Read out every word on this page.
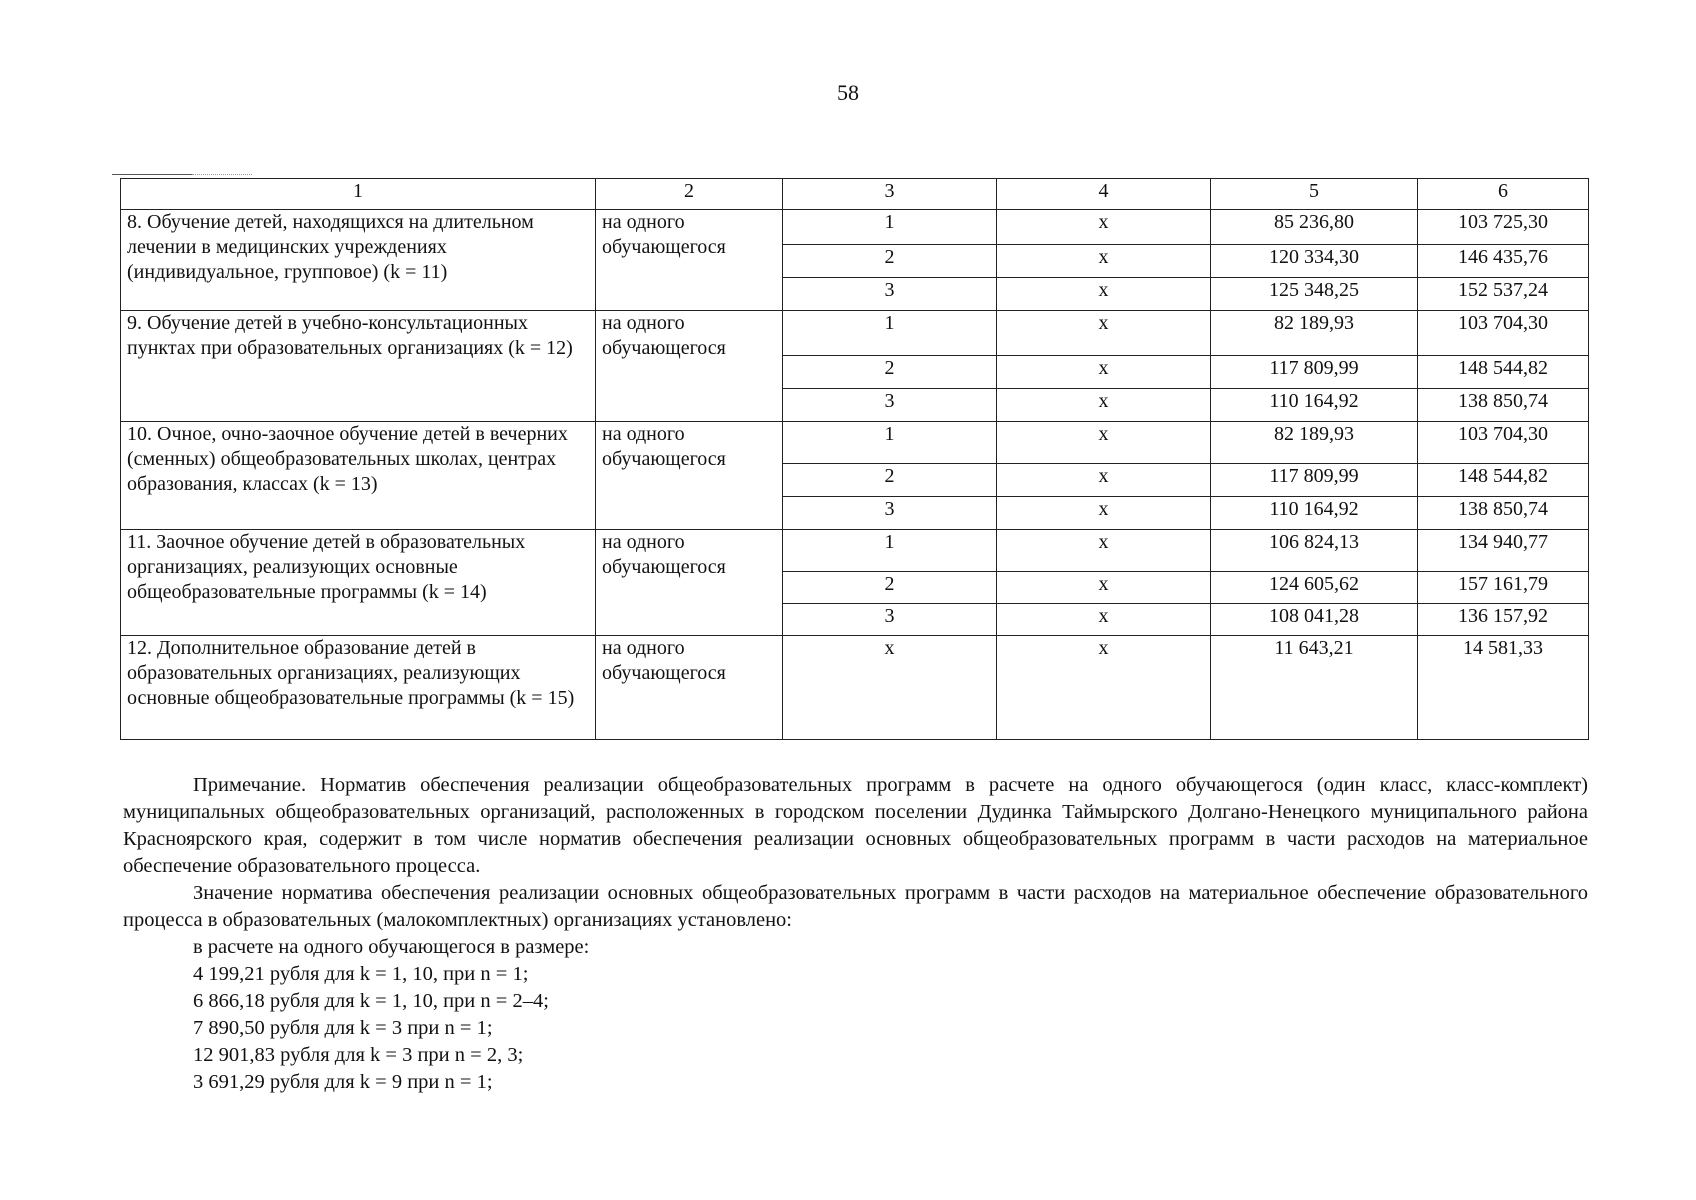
58
1	2	3	4	5	6
8. Обучение детей, находящихся на длительном лечении в медицинских учреждениях (индивидуальное, групповое) (k = 11)	на одного обучающегося	1	х	85 236,80	103 725,30
		2	х	120 334,30	146 435,76
		3	х	125 348,25	152 537,24
9. Обучение детей в учебно-консультационных пунктах при образовательных организациях (k = 12)	на одного обучающегося	1	х	82 189,93	103 704,30
		2	х	117 809,99	148 544,82
		3	х	110 164,92	138 850,74
10. Очное, очно-заочное обучение детей в вечерних (сменных) общеобразовательных школах, центрах образования, классах (k = 13)	на одного обучающегося	1	х	82 189,93	103 704,30
		2	х	117 809,99	148 544,82
		3	х	110 164,92	138 850,74
11. Заочное обучение детей в образовательных организациях, реализующих основные общеобразовательные программы (k = 14)	на одного обучающегося	1	х	106 824,13	134 940,77
		2	х	124 605,62	157 161,79
		3	х	108 041,28	136 157,92
12. Дополнительное образование детей в образовательных организациях, реализующих основные общеобразовательные программы (k = 15)	на одного обучающегося	х	х	11 643,21	14 581,33

Примечание. Норматив обеспечения реализации общеобразовательных программ в расчете на одного обучающегося (один класс, класс-комплект) муниципальных общеобразовательных организаций, расположенных в городском поселении Дудинка Таймырского Долгано-Ненецкого муниципального района Красноярского края, содержит в том числе норматив обеспечения реализации основных общеобразовательных программ в части расходов на материальное обеспечение образовательного процесса.

Значение норматива обеспечения реализации основных общеобразовательных программ в части расходов на материальное обеспечение образовательного процесса в образовательных (малокомплектных) организациях установлено:

в расчете на одного обучающегося в размере:
4 199,21 рубля для k = 1, 10, при n = 1;
6 866,18 рубля для k = 1, 10, при n = 2–4;
7 890,50 рубля для k = 3 при n = 1;
12 901,83 рубля для k = 3 при n = 2, 3;
3 691,29 рубля для k = 9 при n = 1;
